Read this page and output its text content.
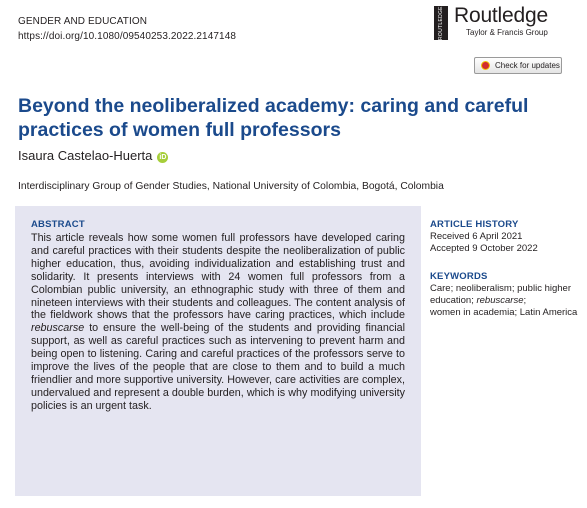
GENDER AND EDUCATION
https://doi.org/10.1080/09540253.2022.2147148	ROUTLEDGE Routledge
Taylor & Francis Group
Check for updates
Beyond the neoliberalized academy: caring and careful practices of women full professors
Isaura Castelao-Huerta iD
Interdisciplinary Group of Gender Studies, National University of Colombia, Bogotá, Colombia
ABSTRACT
This article reveals how some women full professors have developed caring and careful practices with their students despite the neoliberalization of public higher education, thus, avoiding individualization and establishing trust and solidarity. It presents interviews with 24 women full professors from a Colombian public university, an ethnographic study with three of them and nineteen interviews with their students and colleagues. The content analysis of the fieldwork shows that the professors have caring practices, which include rebuscarse to ensure the well-being of the students and providing financial support, as well as careful practices such as intervening to prevent harm and being open to listening. Caring and careful practices of the professors serve to improve the lives of the people that are close to them and to build a much friendlier and more supportive university. However, care activities are complex, undervalued and represent a double burden, which is why modifying university policies is an urgent task.
ARTICLE HISTORY
Received 6 April 2021
Accepted 9 October 2022
KEYWORDS
Care; neoliberalism; public higher education; rebuscarse;
women in academia; Latin America
